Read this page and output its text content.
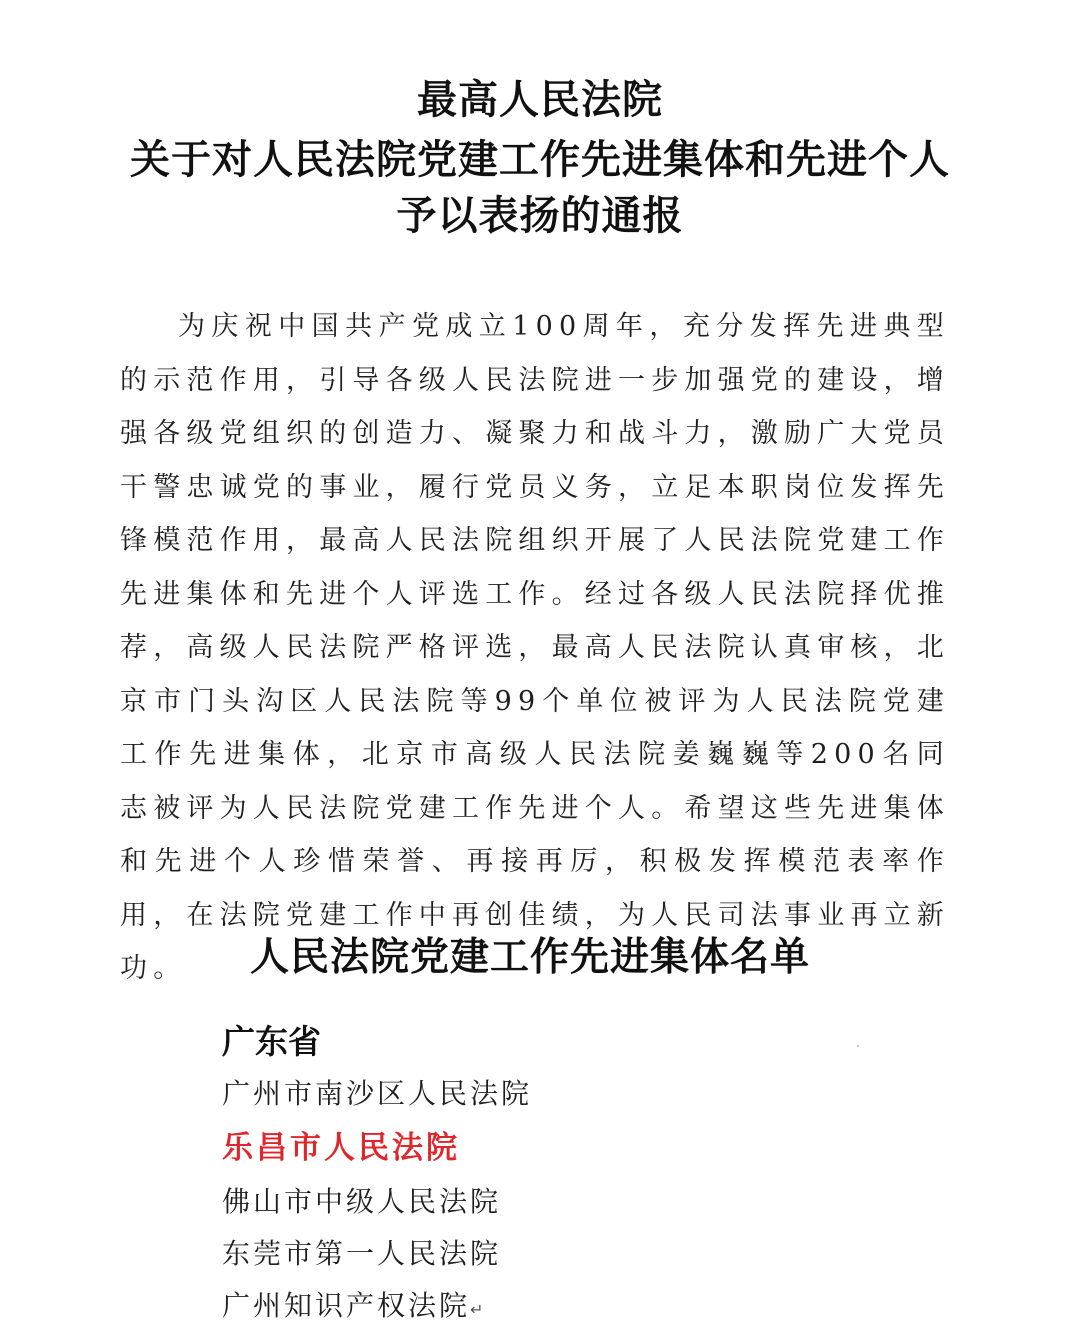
最高人民法院
关于对人民法院党建工作先进集体和先进个人
予以表扬的通报

为庆祝中国共产党成立100周年，充分发挥先进典型的示范作用，引导各级人民法院进一步加强党的建设，增强各级党组织的创造力、凝聚力和战斗力，激励广大党员干警忠诚党的事业，履行党员义务，立足本职岗位发挥先锋模范作用，最高人民法院组织开展了人民法院党建工作先进集体和先进个人评选工作。经过各级人民法院择优推荐，高级人民法院严格评选，最高人民法院认真审核，北京市门头沟区人民法院等99个单位被评为人民法院党建工作先进集体，北京市高级人民法院姜巍巍等200名同志被评为人民法院党建工作先进个人。希望这些先进集体和先进个人珍惜荣誉、再接再厉，积极发挥模范表率作用，在法院党建工作中再创佳绩，为人民司法事业再立新功。	人民法院党建工作先进集体名单
广东省
广州市南沙区人民法院
乐昌市人民法院
佛山市中级人民法院
东莞市第一人民法院
广州知识产权法院↵
